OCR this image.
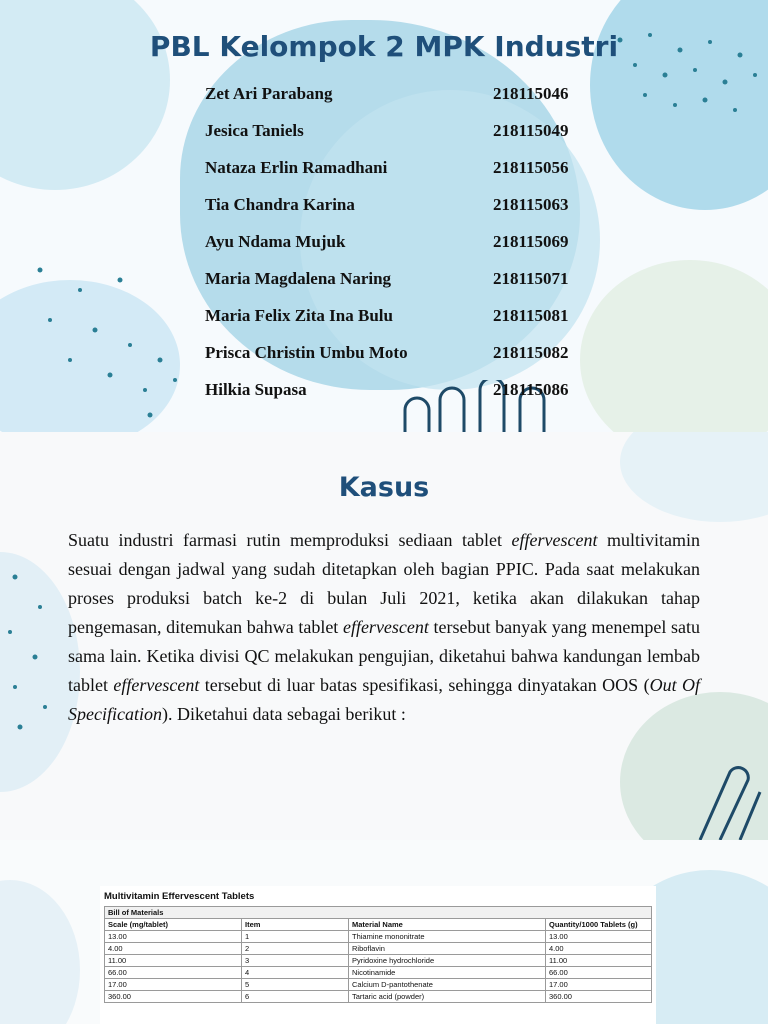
PBL Kelompok 2 MPK Industri
Zet Ari Parabang	218115046
Jesica Taniels	218115049
Nataza Erlin Ramadhani	218115056
Tia Chandra Karina	218115063
Ayu Ndama Mujuk	218115069
Maria Magdalena Naring	218115071
Maria Felix Zita Ina Bulu	218115081
Prisca Christin Umbu Moto	218115082
Hilkia Supasa	218115086
Kasus

Suatu industri farmasi rutin memproduksi sediaan tablet effervescent multivitamin sesuai dengan jadwal yang sudah ditetapkan oleh bagian PPIC. Pada saat melakukan proses produksi batch ke-2 di bulan Juli 2021, ketika akan dilakukan tahap pengemasan, ditemukan bahwa tablet effervescent tersebut banyak yang menempel satu sama lain. Ketika divisi QC melakukan pengujian, diketahui bahwa kandungan lembab tablet effervescent tersebut di luar batas spesifikasi, sehingga dinyatakan OOS (Out Of Specification). Diketahui data sebagai berikut :

Multivitamin Effervescent Tablets
Bill of Materials			
Scale (mg/tablet)	Item	Material Name	Quantity/1000 Tablets (g)
13.00	1	Thiamine mononitrate	13.00
4.00	2	Riboflavin	4.00
11.00	3	Pyridoxine hydrochloride	11.00
66.00	4	Nicotinamide	66.00
17.00	5	Calcium D-pantothenate	17.00
360.00	6	Tartaric acid (powder)	360.00
